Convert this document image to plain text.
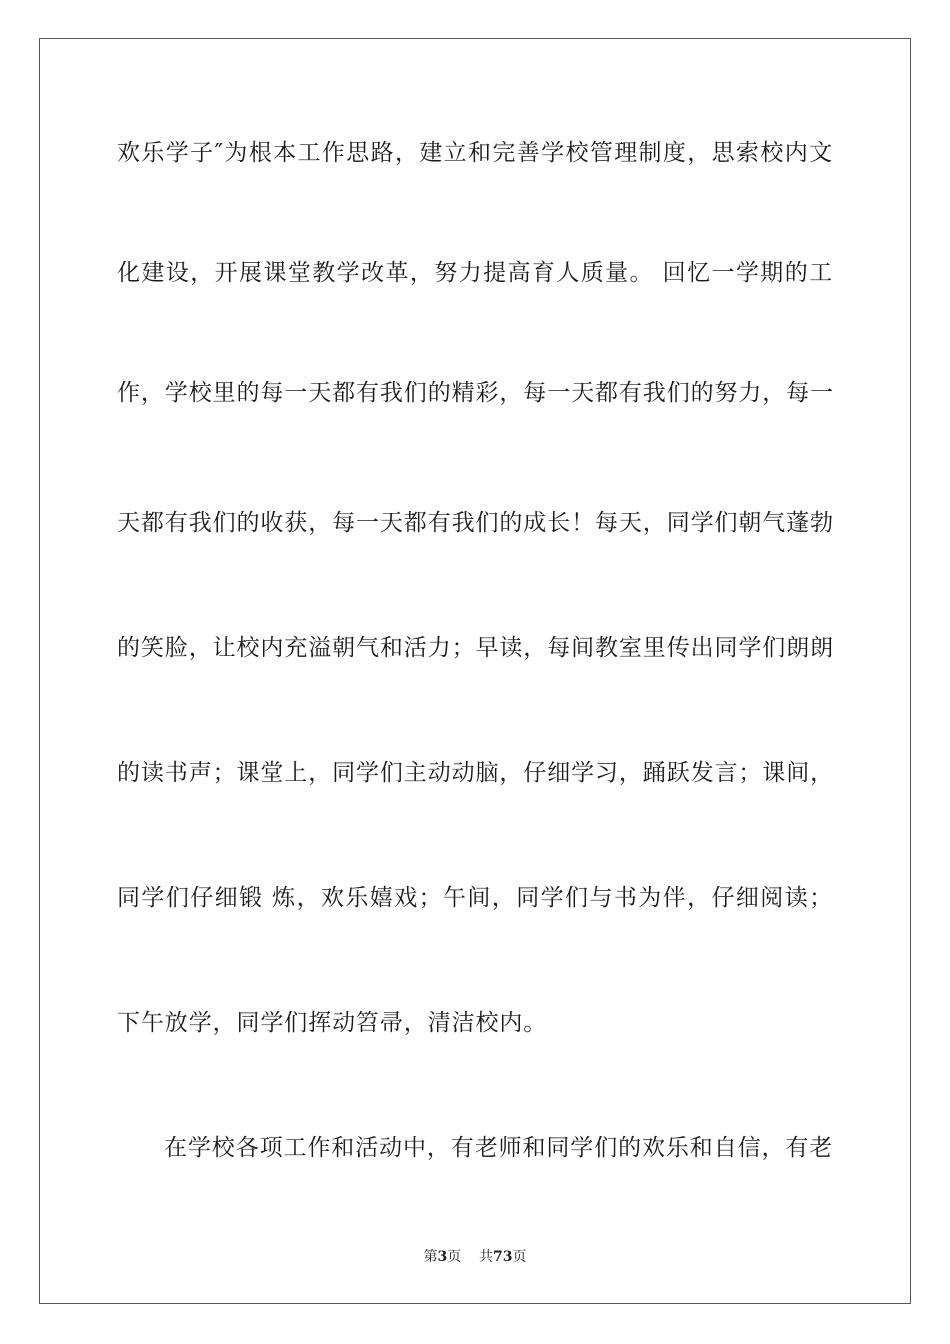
欢乐学子″为根本工作思路，建立和完善学校管理制度，思索校内文
化建设，开展课堂教学改革，努力提高育人质量。 回忆一学期的工
作，学校里的每一天都有我们的精彩，每一天都有我们的努力，每一
天都有我们的收获，每一天都有我们的成长！每天，同学们朝气蓬勃
的笑脸，让校内充溢朝气和活力；早读，每间教室里传出同学们朗朗
的读书声；课堂上，同学们主动动脑，仔细学习，踊跃发言；课间，
同学们仔细锻 炼，欢乐嬉戏；午间，同学们与书为伴，仔细阅读；
下午放学，同学们挥动笤帚，清洁校内。
在学校各项工作和活动中，有老师和同学们的欢乐和自信，有老
第3页 共73页
